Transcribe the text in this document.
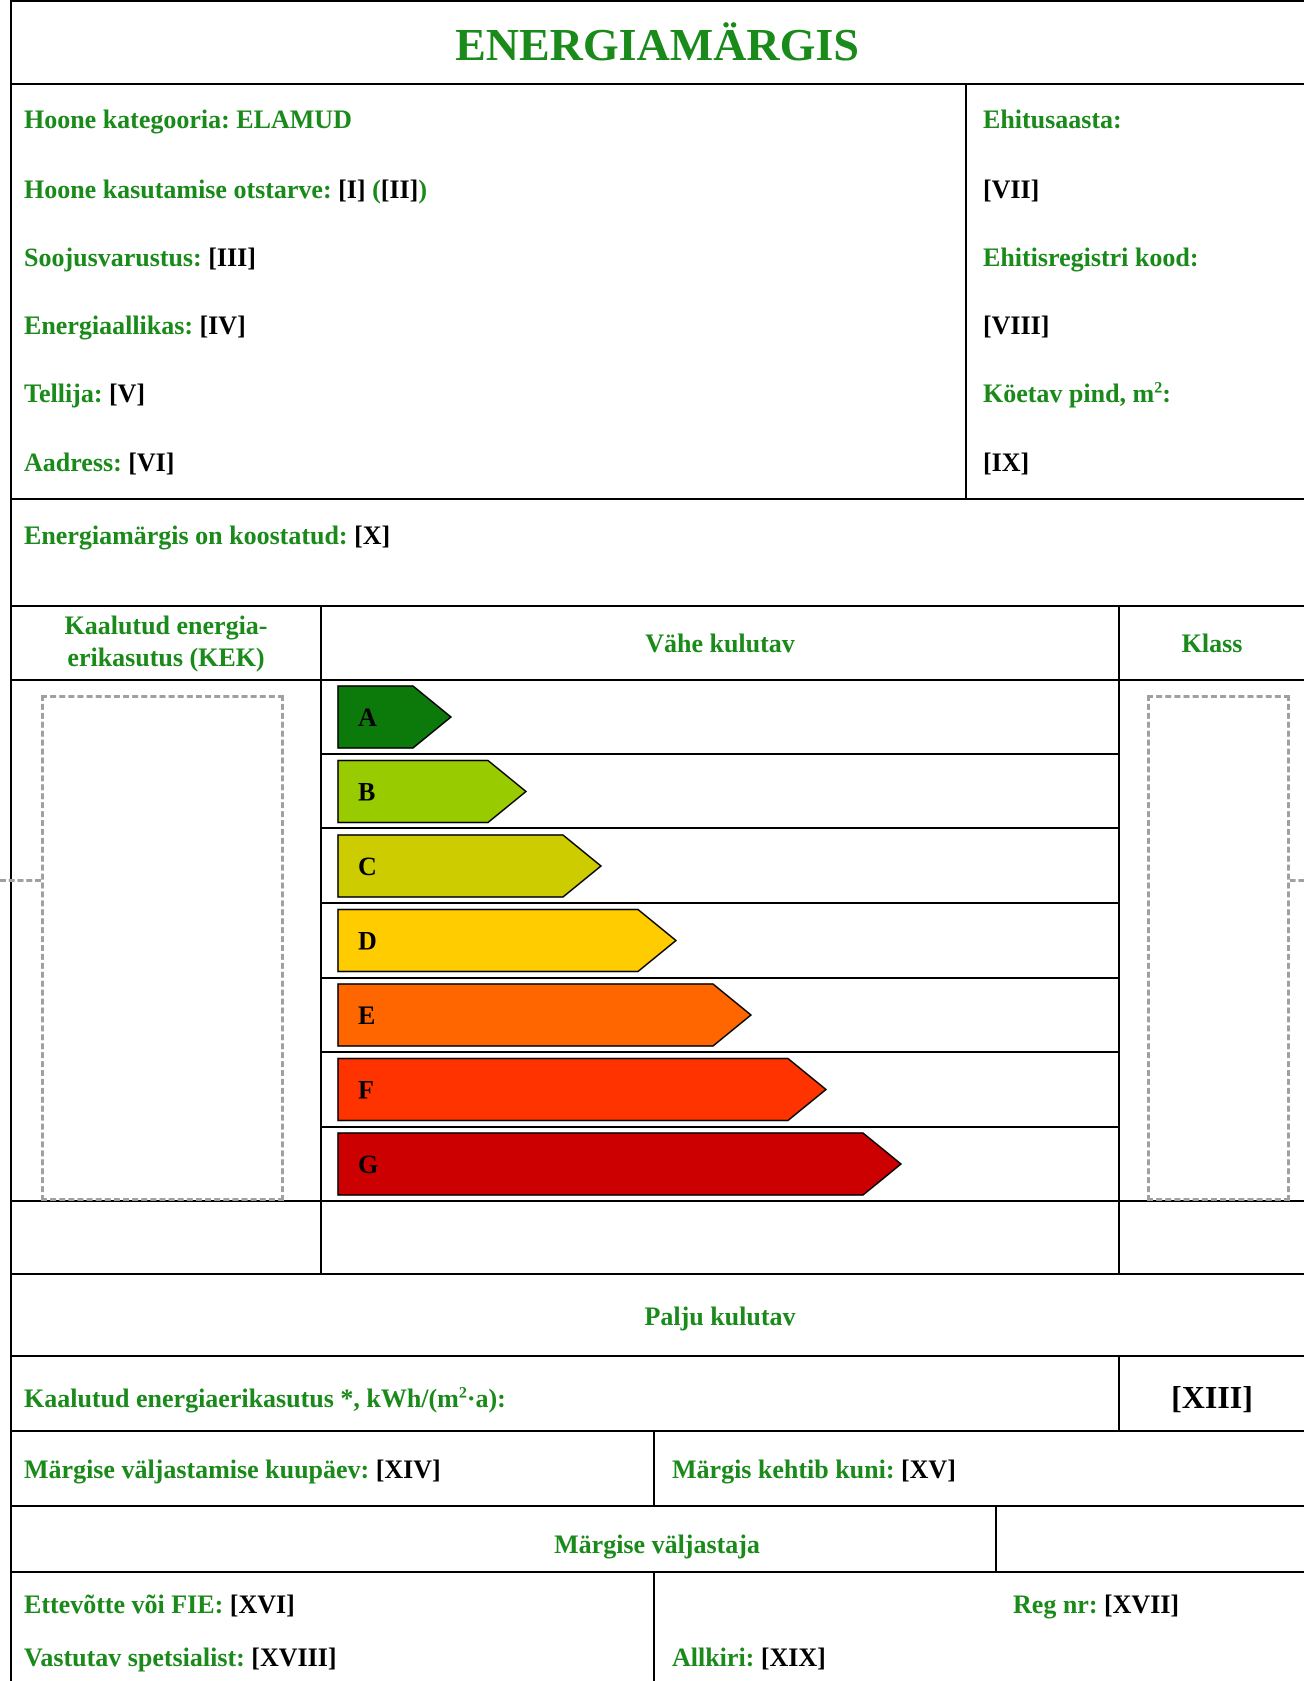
ENERGIAMÄRGIS
Hoone kategooria: ELAMUD
Hoone kasutamise otstarve: [I] ([II])
Soojusvarustus: [III]
Energiaallikas: [IV]
Tellija: [V]
Aadress: [VI]
Ehitusaasta:
[VII]
Ehitisregistri kood:
[VIII]
Köetav pind, $m^2$:
[IX]
Energiamärgis on koostatud: [X]
Kaalutud energia-
erikasutus (KEK)	Vähe kulutav	Klass
A
B
C
D
E
F
G
Palju kulutav
Kaalutud energiaerikasutus *, kWh/$(m^2\cdot a)$:	[XIII]
Märgise väljastamise kuupäev: [XIV]	Märgis kehtib kuni: [XV]
Märgise väljastaja
Ettevõtte või FIE: [XVI]	Reg nr: [XVII]
Vastutav spetsialist: [XVIII]	Allkiri: [XIX]
